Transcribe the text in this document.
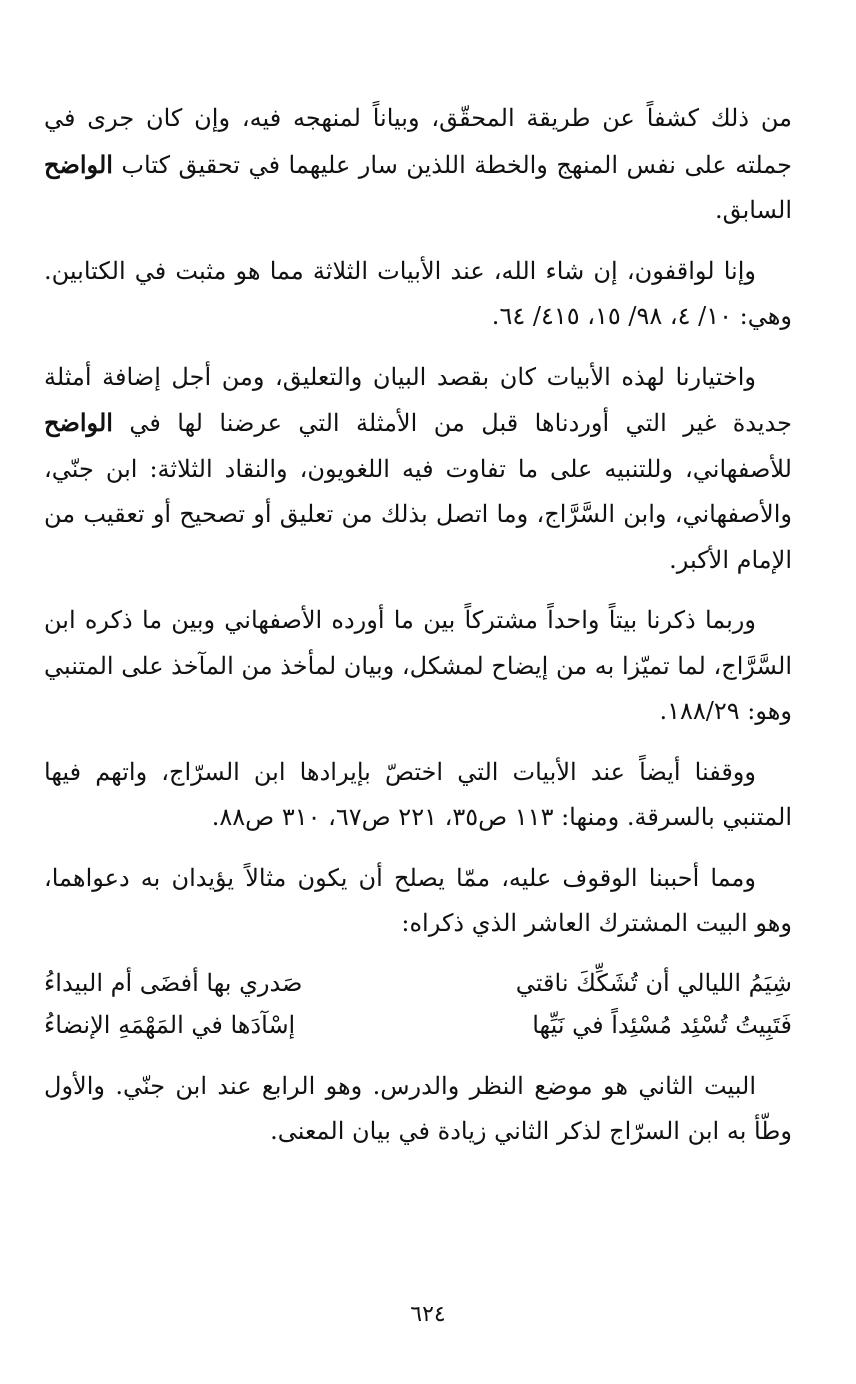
من ذلك كشفاً عن طريقة المحقّق، وبياناً لمنهجه فيه، وإن كان جرى في جملته على نفس المنهج والخطة اللذين سار عليهما في تحقيق كتاب الواضح السابق.

وإنا لواقفون، إن شاء الله، عند الأبيات الثلاثة مما هو مثبت في الكتابين. وهي: ١٠/ ٤، ٩٨/ ١٥، ٤١٥/ ٦٤.

واختيارنا لهذه الأبيات كان بقصد البيان والتعليق، ومن أجل إضافة أمثلة جديدة غير التي أوردناها قبل من الأمثلة التي عرضنا لها في الواضح للأصفهاني، وللتنبيه على ما تفاوت فيه اللغويون، والنقاد الثلاثة: ابن جنّي، والأصفهاني، وابن السَّرَّاج، وما اتصل بذلك من تعليق أو تصحيح أو تعقيب من الإمام الأكبر.

وربما ذكرنا بيتاً واحداً مشتركاً بين ما أورده الأصفهاني وبين ما ذكره ابن السَّرَّاج، لما تميّزا به من إيضاح لمشكل، وبيان لمأخذ من المآخذ على المتنبي وهو: ١٨٨/٢٩.

ووقفنا أيضاً عند الأبيات التي اختصّ بإيرادها ابن السرّاج، واتهم فيها المتنبي بالسرقة. ومنها: ١١٣ ص٣٥، ٢٢١ ص٦٧، ٣١٠ ص٨٨.

ومما أحببنا الوقوف عليه، ممّا يصلح أن يكون مثالاً يؤيدان به دعواهما، وهو البيت المشترك العاشر الذي ذكراه:

شِيَمُ الليالي أن تُشَكِّكَ ناقتي
صَدري بها أفضَى أم البيداءُ
فَتَبِيتُ تُسْئِد مُسْئِداً في نَيِّها
إسْآدَها في المَهْمَهِ الإنضاءُ

البيت الثاني هو موضع النظر والدرس. وهو الرابع عند ابن جنّي. والأول وطّأ به ابن السرّاج لذكر الثاني زيادة في بيان المعنى.

٦٢٤
